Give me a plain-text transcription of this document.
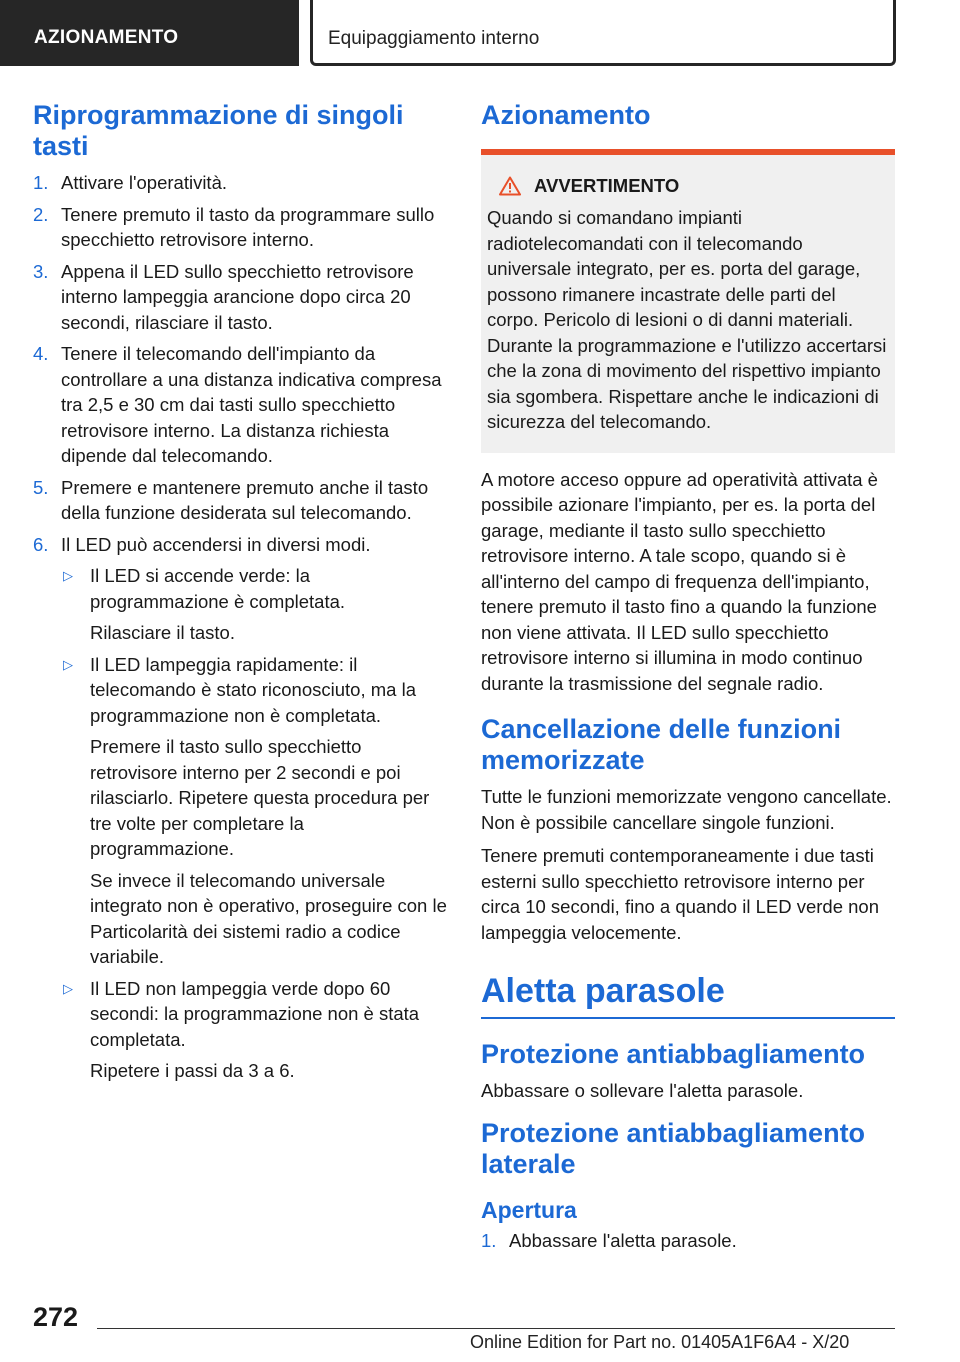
AZIONAMENTO	Equipaggiamento interno
Riprogrammazione di singoli tasti
1. Attivare l'operatività.
2. Tenere premuto il tasto da programmare sullo specchietto retrovisore interno.
3. Appena il LED sullo specchietto retrovisore interno lampeggia arancione dopo circa 20 secondi, rilasciare il tasto.
4. Tenere il telecomando dell'impianto da controllare a una distanza indicativa compresa tra 2,5 e 30 cm dai tasti sullo specchietto retrovisore interno. La distanza richiesta dipende dal telecomando.
5. Premere e mantenere premuto anche il tasto della funzione desiderata sul telecomando.
6. Il LED può accendersi in diversi modi.
▷ Il LED si accende verde: la programmazione è completata.
Rilasciare il tasto.
▷ Il LED lampeggia rapidamente: il telecomando è stato riconosciuto, ma la programmazione non è completata.
Premere il tasto sullo specchietto retrovisore interno per 2 secondi e poi rilasciarlo. Ripetere questa procedura per tre volte per completare la programmazione.
Se invece il telecomando universale integrato non è operativo, proseguire con le Particolarità dei sistemi radio a codice variabile.
▷ Il LED non lampeggia verde dopo 60 secondi: la programmazione non è stata completata.
Ripetere i passi da 3 a 6.
Azionamento
AVVERTIMENTO
Quando si comandano impianti radiotelecomandati con il telecomando universale integrato, per es. porta del garage, possono rimanere incastrate delle parti del corpo. Pericolo di lesioni o di danni materiali. Durante la programmazione e l'utilizzo accertarsi che la zona di movimento del rispettivo impianto sia sgombera. Rispettare anche le indicazioni di sicurezza del telecomando.
A motore acceso oppure ad operatività attivata è possibile azionare l'impianto, per es. la porta del garage, mediante il tasto sullo specchietto retrovisore interno. A tale scopo, quando si è all'interno del campo di frequenza dell'impianto, tenere premuto il tasto fino a quando la funzione non viene attivata. Il LED sullo specchietto retrovisore interno si illumina in modo continuo durante la trasmissione del segnale radio.
Cancellazione delle funzioni memorizzate
Tutte le funzioni memorizzate vengono cancellate. Non è possibile cancellare singole funzioni.
Tenere premuti contemporaneamente i due tasti esterni sullo specchietto retrovisore interno per circa 10 secondi, fino a quando il LED verde non lampeggia velocemente.
Aletta parasole
Protezione antiabbagliamento
Abbassare o sollevare l'aletta parasole.
Protezione antiabbagliamento laterale
Apertura
1. Abbassare l'aletta parasole.
272
Online Edition for Part no. 01405A1F6A4 - X/20
